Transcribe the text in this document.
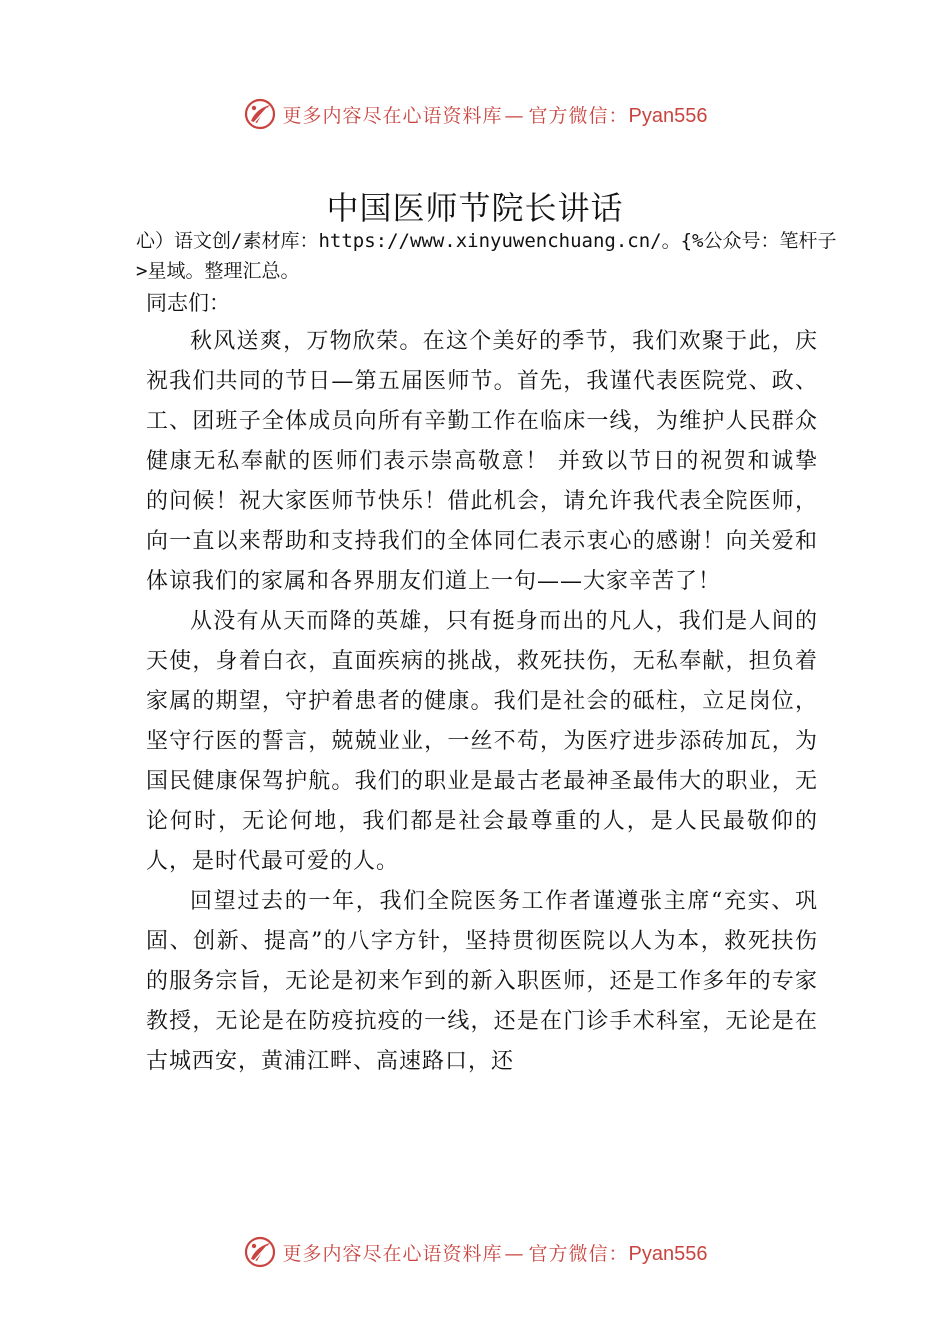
更多内容尽在心语资料库 — 官方微信：Pyan556
中国医师节院长讲话

心）语文创/素材库：https://www.xinyuwenchuang.cn/。{%公众号：笔杆子>星域。整理汇总。

同志们：

秋风送爽，万物欣荣。在这个美好的季节，我们欢聚于此，庆祝我们共同的节日—第五届医师节。首先，我谨代表医院党、政、工、团班子全体成员向所有辛勤工作在临床一线，为维护人民群众健康无私奉献的医师们表示崇高敬意！ 并致以节日的祝贺和诚挚的问候！祝大家医师节快乐！借此机会，请允许我代表全院医师，向一直以来帮助和支持我们的全体同仁表示衷心的感谢！向关爱和体谅我们的家属和各界朋友们道上一句——大家辛苦了！

从没有从天而降的英雄，只有挺身而出的凡人，我们是人间的天使，身着白衣，直面疾病的挑战，救死扶伤，无私奉献，担负着家属的期望，守护着患者的健康。我们是社会的砥柱，立足岗位，坚守行医的誓言，兢兢业业，一丝不苟，为医疗进步添砖加瓦，为国民健康保驾护航。我们的职业是最古老最神圣最伟大的职业，无论何时，无论何地，我们都是社会最尊重的人，是人民最敬仰的人，是时代最可爱的人。

回望过去的一年，我们全院医务工作者谨遵张主席“充实、巩固、创新、提高”的八字方针，坚持贯彻医院以人为本，救死扶伤的服务宗旨，无论是初来乍到的新入职医师，还是工作多年的专家教授，无论是在防疫抗疫的一线，还是在门诊手术科室，无论是在古城西安，黄浦江畔、高速路口，还

更多内容尽在心语资料库 — 官方微信：Pyan556
